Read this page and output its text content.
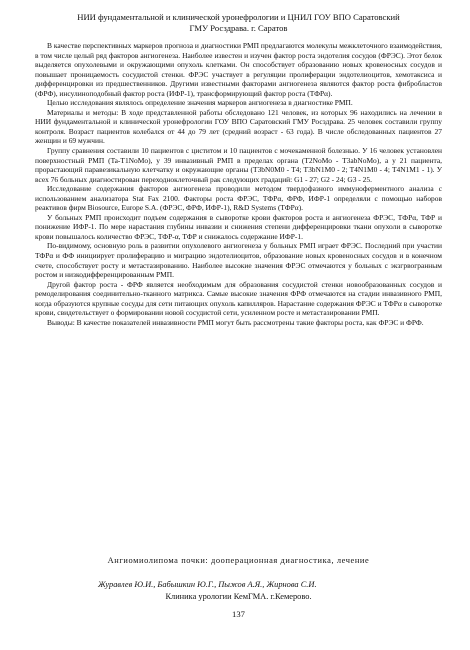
НИИ фундаментальной и клинической уронефрологии и ЦНИЛ ГОУ ВПО Саратовский
ГМУ Росздрава. г. Саратов

В качестве перспективных маркеров прогноза и диагностики РМП предлагаются молекулы межклеточного взаимодействия, в том числе целый ряд факторов ангиогенеза. Наиболее известен и изучен фактор роста эндотелия сосудов (ФРЭС). Этот белок выделяется опухолевыми и окружающими опухоль клетками. Он способствует образованию новых кровеносных сосудов и повышает проницаемость сосудистой стенки. ФРЭС участвует в регуляции пролиферации эндотелиоцитов, хемотаксиса и дифференцировки из предшественников. Другими известными факторами ангиогенеза являются фактор роста фибробластов (ФРФ), инсулиноподобный фактор роста (ИФР-1), трансформирующий фактор роста (ТФРα).

Целью исследования являлось определение значения маркеров ангиогенеза в диагностике РМП.

Материалы и методы: В ходе представленной работы обследовано 121 человек, из которых 96 находились на лечении в НИИ фундаментальной и клинической уронефрологии ГОУ ВПО Саратовский ГМУ Росздрава. 25 человек составили группу контроля. Возраст пациентов колебался от 44 до 79 лет (средний возраст - 63 года). В числе обследованных пациентов 27 женщин и 69 мужчин.

Группу сравнения составили 10 пациентов с циститом и 10 пациентов с мочекаменной болезнью. У 16 человек установлен поверхностный РМП (Ta-T1NoMo), у 39 инвазивный РМП в пределах органа (T2NoMo - T3abNoMo), а у 21 пациента, прорастающий паравезикальную клетчатку и окружающие органы (T3bN0M0 - T4; T3bN1M0 - 2; T4N1M0 - 4; T4N1M1 - 1). У всех 76 больных диагностирован переходноклеточный рак следующих градаций: G1 - 27; G2 - 24; G3 - 25.

Исследование содержания факторов ангиогенеза проводили методом твердофазного иммуноферментного анализа с использованием анализатора Stat Fax 2100. Факторы роста ФРЭС, ТФРα, ФРФ, ИФР-1 определяли с помощью наборов реактивов фирм Biosource, Europe S.A. (ФРЭС, ФРФ, ИФР-1), R&D Systems (ТФРα).

У больных РМП происходит подъем содержания в сыворотке крови факторов роста и ангиогенеза ФРЭС, ТФРα, ТФР и понижение ИФР-1. По мере нарастания глубины инвазии и снижения степени дифференцировки ткани опухоли в сыворотке крови повышалось количество ФРЭС, ТФР-α, ТФР и снижалось содержание ИФР-1.

По-видимому, основную роль в развитии опухолевого ангиогенеза у больных РМП играет ФРЭС. Последний при участии ТФРα и ФФ инициирует пролиферацию и миграцию эндотелиоцитов, образование новых кровеносных сосудов и в конечном счете, способствует росту и метастазированию. Наиболее высокие значения ФРЭС отмечаются у больных с экзгрвогранным ростом и низкодифференцированным РМП.

Другой фактор роста - ФРФ является необходимым для образования сосудистой стенки новообразованных сосудов и ремоделирования соединительно-тканного матрикса. Самые высокие значения ФРФ отмечаются на стадии инвазивного РМП, когда образуются крупные сосуды для сети питающих опухоль капилляров. Нарастание содержания ФРЭС и ТФРα в сыворотке крови, свидетельствует о формировании новой сосудистой сети, усиленном росте и метастазировании РМП.

Выводы: В качестве показателей инвазивности РМП могут быть рассмотрены такие факторы роста, как ФРЭС и ФРФ.

Ангиомиолипома почки: дооперационная диагностика, лечение
Журавлев Ю.И., Бабышкин Ю.Г., Пыжов А.Я., Жирнова С.И.
Клиника урологии КемГМА. г.Кемерово.
137
